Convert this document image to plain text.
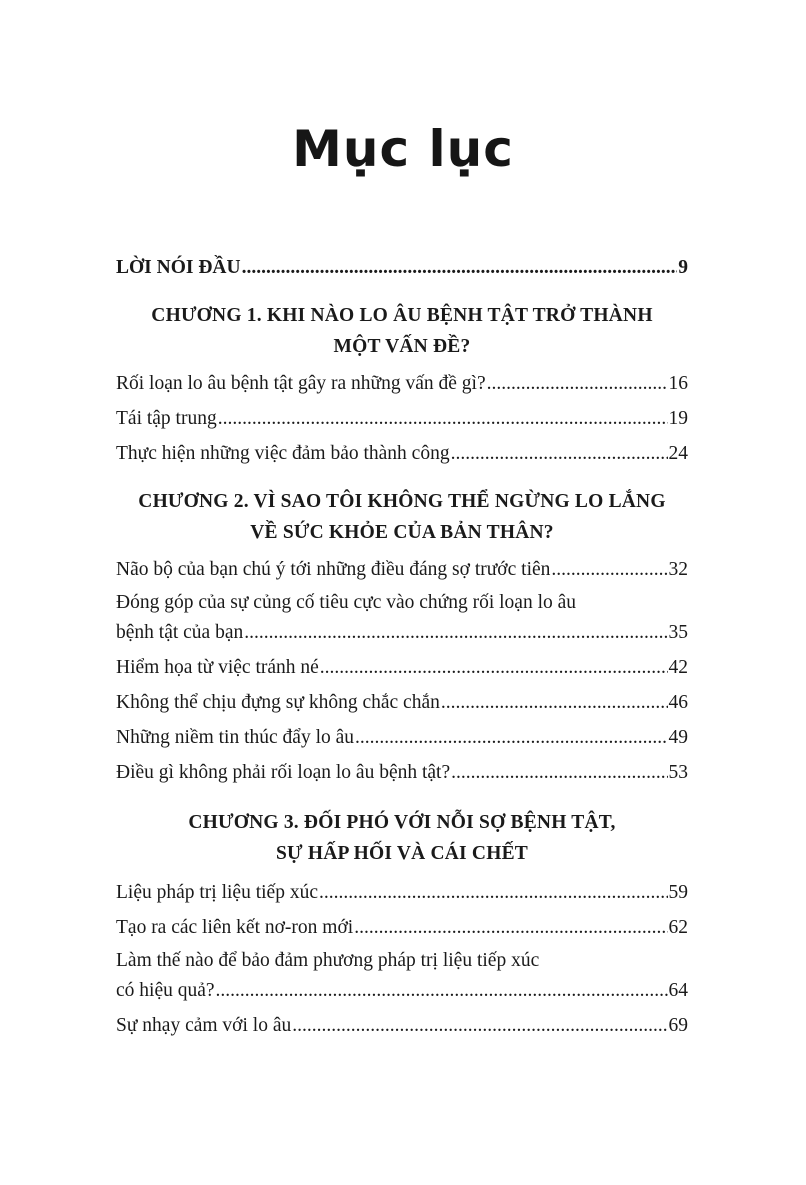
Mục lục
LỜI NÓI ĐẦU .....	9
CHƯƠNG 1. KHI NÀO LO ÂU BỆNH TẬT TRỞ THÀNH
MỘT VẤN ĐỀ?
Rối loạn lo âu bệnh tật gây ra những vấn đề gì? .....	16
Tái tập trung .....	19
Thực hiện những việc đảm bảo thành công .....	24
CHƯƠNG 2. VÌ SAO TÔI KHÔNG THỂ NGỪNG LO LẮNG
VỀ SỨC KHỎE CỦA BẢN THÂN?
Não bộ của bạn chú ý tới những điều đáng sợ trước tiên .....	32
Đóng góp của sự củng cố tiêu cực vào chứng rối loạn lo âu
bệnh tật của bạn .....	35
Hiểm họa từ việc tránh né .....	42
Không thể chịu đựng sự không chắc chắn .....	46
Những niềm tin thúc đẩy lo âu .....	49
Điều gì không phải rối loạn lo âu bệnh tật? .....	53
CHƯƠNG 3. ĐỐI PHÓ VỚI NỖI SỢ BỆNH TẬT,
SỰ HẤP HỐI VÀ CÁI CHẾT
Liệu pháp trị liệu tiếp xúc .....	59
Tạo ra các liên kết nơ-ron mới .....	62
Làm thế nào để bảo đảm phương pháp trị liệu tiếp xúc
có hiệu quả? .....	64
Sự nhạy cảm với lo âu .....	69
